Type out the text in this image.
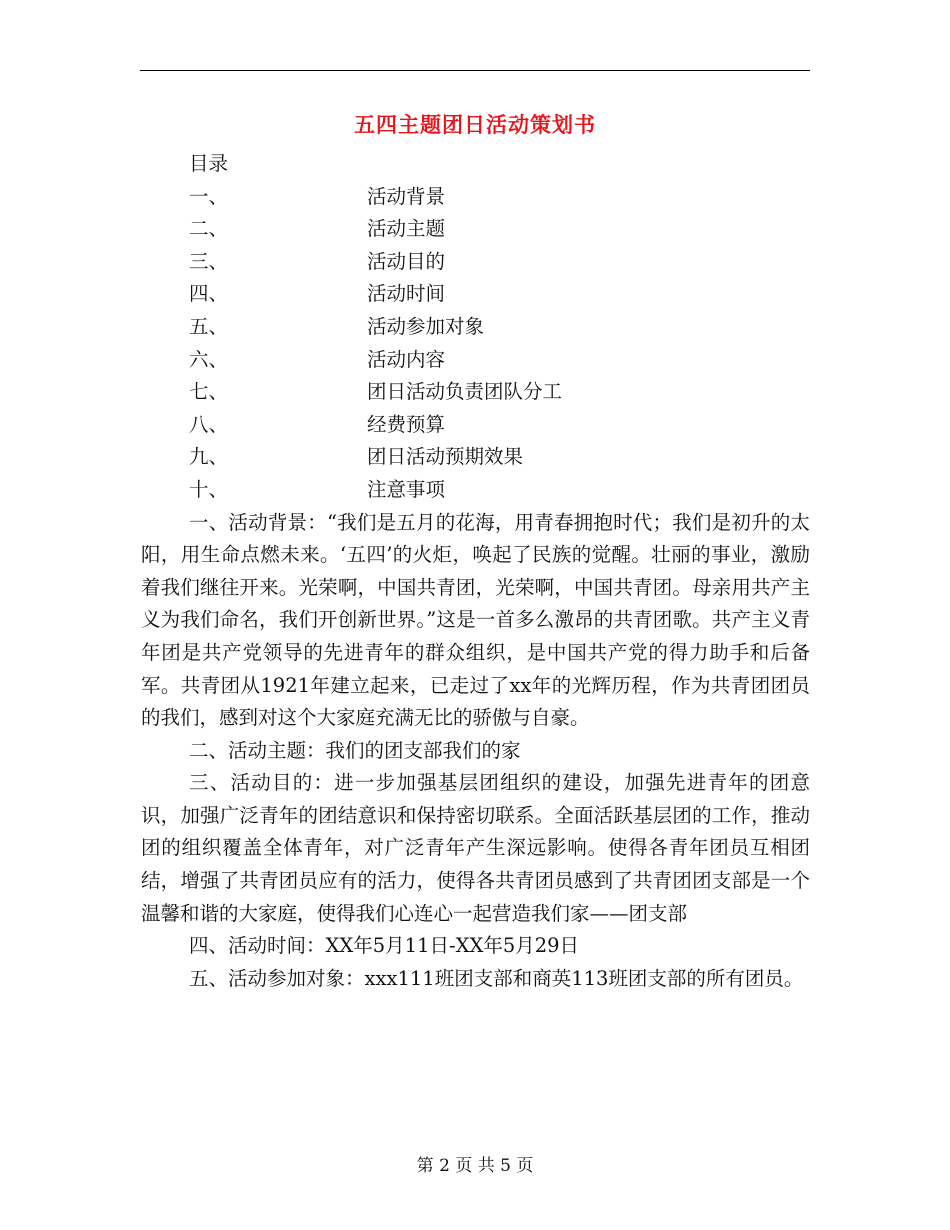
五四主题团日活动策划书
目录
一、	活动背景
二、	活动主题
三、	活动目的
四、	活动时间
五、	活动参加对象
六、	活动内容
七、	团日活动负责团队分工
八、	经费预算
九、	团日活动预期效果
十、	注意事项

一、活动背景：“我们是五月的花海，用青春拥抱时代；我们是初升的太阳，用生命点燃未来。‘五四’的火炬，唤起了民族的觉醒。壮丽的事业，激励着我们继往开来。光荣啊，中国共青团，光荣啊，中国共青团。母亲用共产主义为我们命名，我们开创新世界。”这是一首多么激昂的共青团歌。共产主义青年团是共产党领导的先进青年的群众组织，是中国共产党的得力助手和后备军。共青团从1921年建立起来，已走过了xx年的光辉历程，作为共青团团员的我们，感到对这个大家庭充满无比的骄傲与自豪。

二、活动主题：我们的团支部我们的家

三、活动目的：进一步加强基层团组织的建设，加强先进青年的团意识，加强广泛青年的团结意识和保持密切联系。全面活跃基层团的工作，推动团的组织覆盖全体青年，对广泛青年产生深远影响。使得各青年团员互相团结，增强了共青团员应有的活力，使得各共青团员感到了共青团团支部是一个温馨和谐的大家庭，使得我们心连心一起营造我们家——团支部

四、活动时间：XX年5月11日-XX年5月29日

五、活动参加对象：xxx111班团支部和商英113班团支部的所有团员。

第 2 页 共 5 页
